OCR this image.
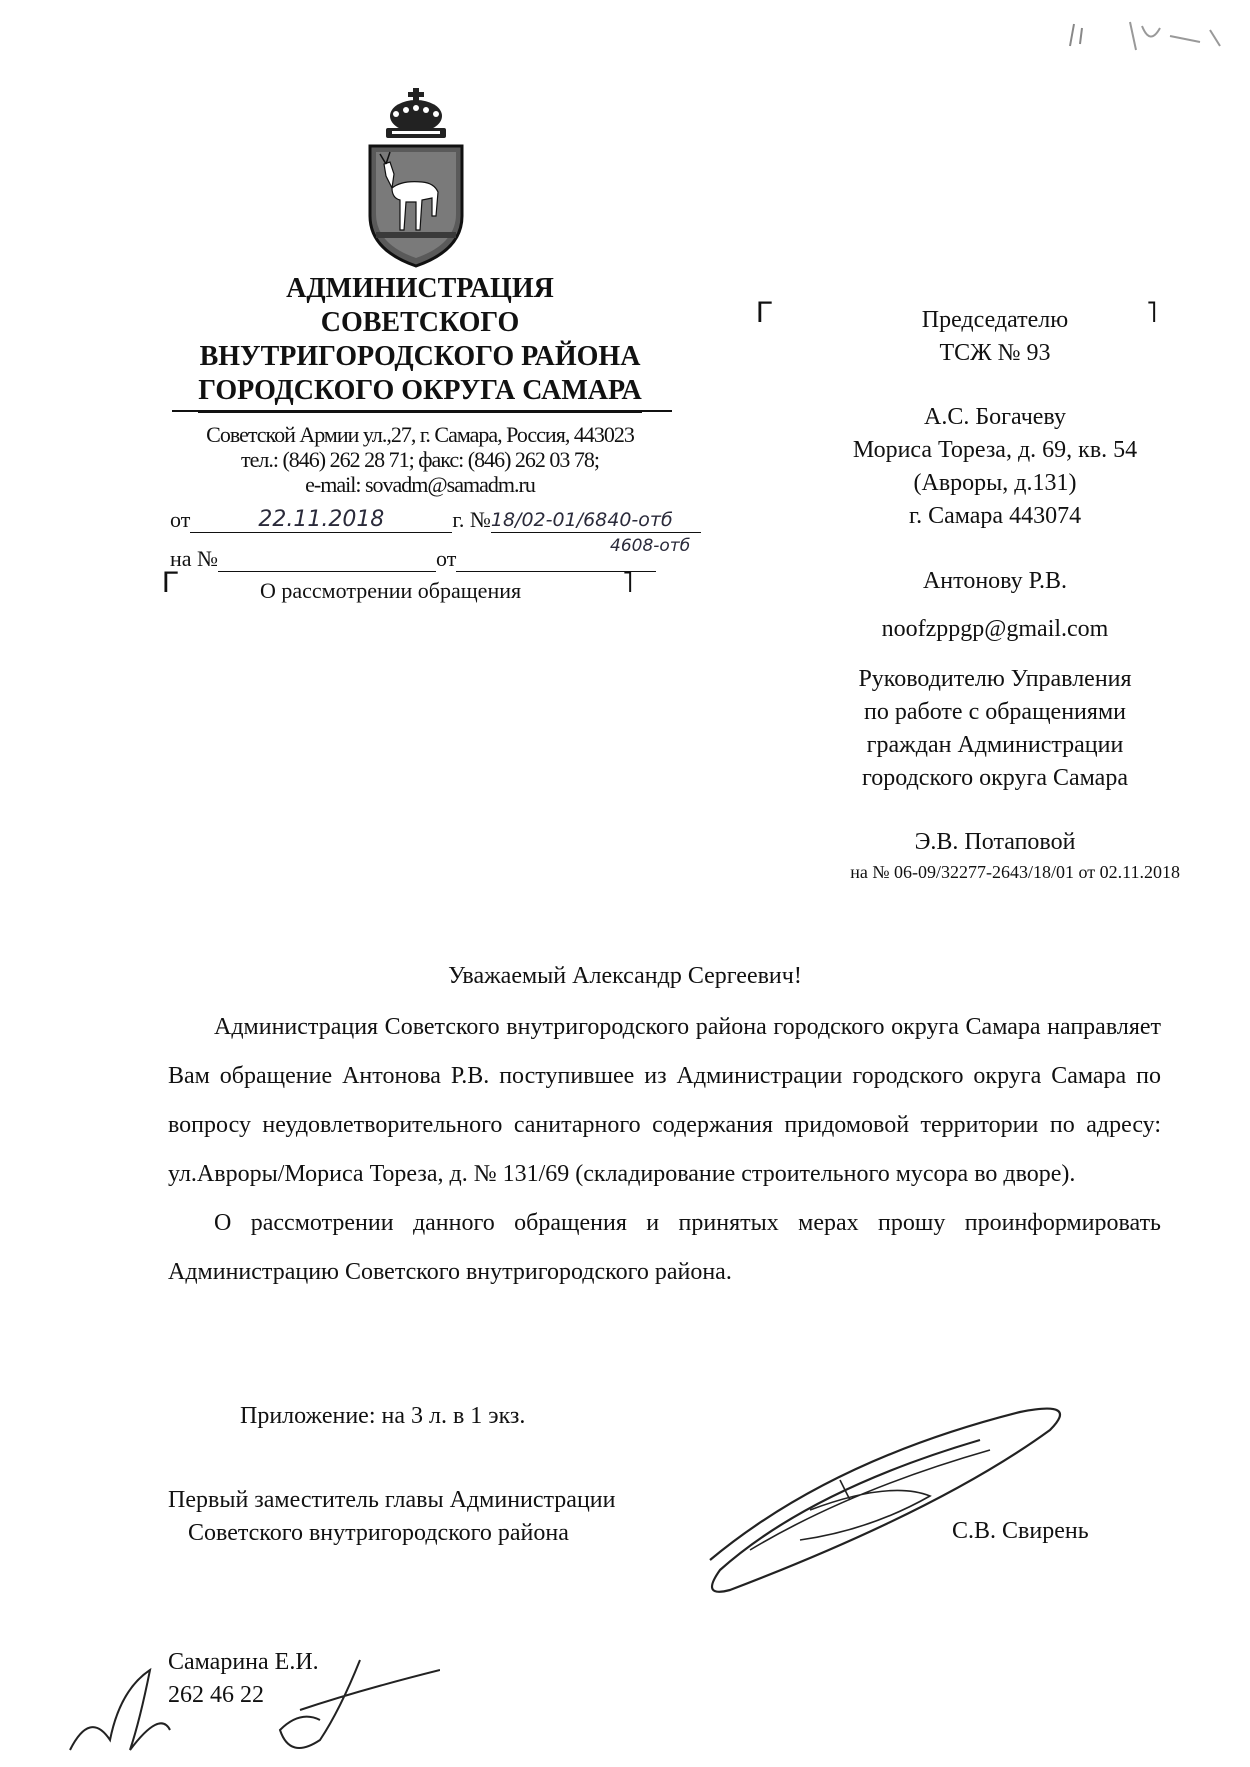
АДМИНИСТРАЦИЯ
СОВЕТСКОГО
ВНУТРИГОРОДСКОГО РАЙОНА
ГОРОДСКОГО ОКРУГА САМАРА
Советской Армии ул.,27, г. Самара, Россия, 443023
тел.: (846) 262 28 71; факс: (846) 262 03 78;
e-mail: sovadm@samadm.ru
от	22.11.2018	г. №18/02-01/6840-отб
4608-отб
на №	от
Г	О рассмотрении обращения	˥
Г	˥
Председателю
ТСЖ № 93
А.С. Богачеву
Мориса Тореза, д. 69, кв. 54
(Авроры, д.131)
г. Самара 443074
Антонову Р.В.
noofzppgp@gmail.com
Руководителю Управления
по работе с обращениями
граждан Администрации
городского округа Самара
Э.В. Потаповой
на № 06-09/32277-2643/18/01 от 02.11.2018
Уважаемый Александр Сергеевич!

Администрация Советского внутригородского района городского округа Самара направляет Вам обращение Антонова Р.В. поступившее из Администрации городского округа Самара по вопросу неудовлетворительного санитарного содержания придомовой территории по адресу: ул.Авроры/Мориса Тореза, д. № 131/69 (складирование строительного мусора во дворе).

О рассмотрении данного обращения и принятых мерах прошу проинформировать Администрацию Советского внутригородского района.

Приложение: на 3 л. в 1 экз.
Первый заместитель главы Администрации
Советского внутригородского района	С.В. Свирень
Самарина Е.И.
262 46 22
